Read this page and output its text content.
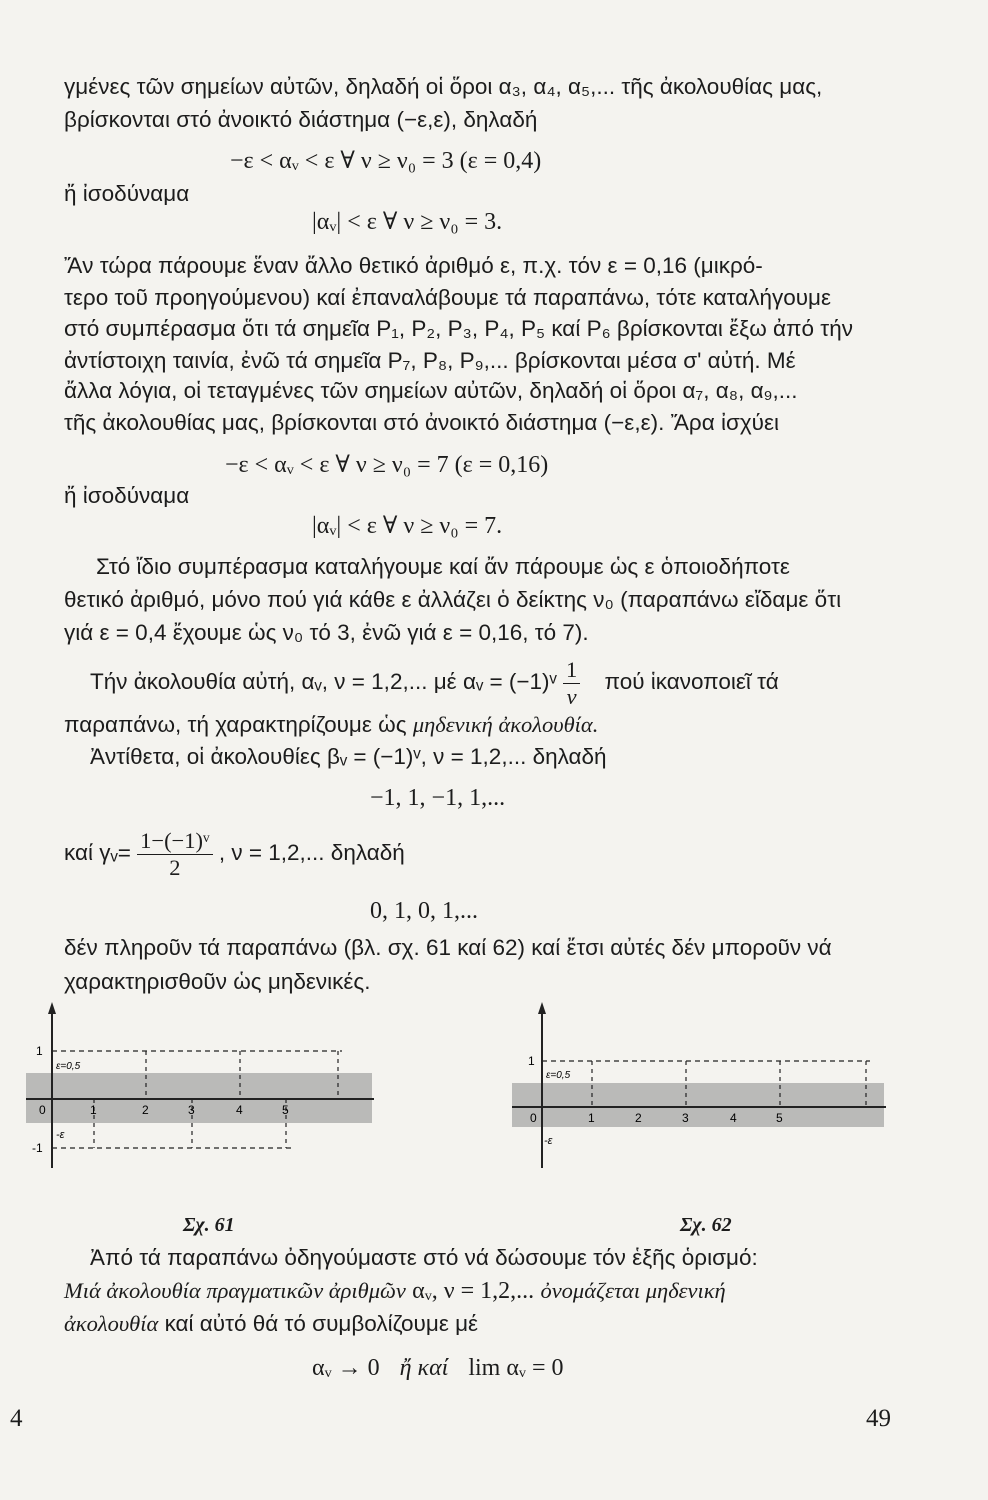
γμένες τῶν σημείων αὐτῶν, δηλαδή οἱ ὅροι α₃, α₄, α₅,... τῆς ἀκολουθίας μας,
βρίσκονται στό ἀνοικτό διάστημα (−ε,ε), δηλαδή
−ε < αᵥ < ε ∀ ν ≥ ν₀ = 3 (ε = 0,4)
ἤ ἰσοδύναμα
|αᵥ| < ε ∀ ν ≥ ν₀ = 3.
Ἄν τώρα πάρουμε ἕναν ἄλλο θετικό ἀριθμό ε, π.χ. τόν ε = 0,16 (μικρό-
τερο τοῦ προηγούμενου) καί ἐπαναλάβουμε τά παραπάνω, τότε καταλήγουμε
στό συμπέρασμα ὅτι τά σημεῖα P₁, P₂, P₃, P₄, P₅ καί P₆ βρίσκονται ἔξω ἀπό τήν
ἀντίστοιχη ταινία, ἐνῶ τά σημεῖα P₇, P₈, P₉,... βρίσκονται μέσα σ' αὐτή. Μέ
ἄλλα λόγια, οἱ τεταγμένες τῶν σημείων αὐτῶν, δηλαδή οἱ ὅροι α₇, α₈, α₉,...
τῆς ἀκολουθίας μας, βρίσκονται στό ἀνοικτό διάστημα (−ε,ε). Ἄρα ἰσχύει
−ε < αᵥ < ε ∀ ν ≥ ν₀ = 7 (ε = 0,16)
ἤ ἰσοδύναμα
|αᵥ| < ε ∀ ν ≥ ν₀ = 7.
Στό ἴδιο συμπέρασμα καταλήγουμε καί ἄν πάρουμε ὡς ε ὁποιοδήποτε
θετικό ἀριθμό, μόνο πού γιά κάθε ε ἀλλάζει ὁ δείκτης ν₀ (παραπάνω εἴδαμε ὅτι
γιά ε = 0,4 ἔχουμε ὡς ν₀ τό 3, ἐνῶ γιά ε = 0,16, τό 7).
Τήν ἀκολουθία αὐτή, αᵥ, ν = 1,2,... μέ αᵥ = (−1)ᵛ $\frac{1}{\nu}$ πού ἱκανοποιεῖ τά
παραπάνω, τή χαρακτηρίζουμε ὡς μηδενική ἀκολουθία.
Ἀντίθετα, οἱ ἀκολουθίες βᵥ = (−1)ᵛ, ν = 1,2,... δηλαδή
−1, 1, −1, 1,...
καί γᵥ= $\frac{\text{1−(−1)ᵛ}}{2}$ , ν = 1,2,... δηλαδή
0, 1, 0, 1,...
δέν πληροῦν τά παραπάνω (βλ. σχ. 61 καί 62) καί ἔτσι αὐτές δέν μποροῦν νά
χαρακτηρισθοῦν ὡς μηδενικές.
1
-1
0
ε=0,5
-ε
1	2	3	4	5
Σχ. 61
1
0
ε=0,5
-ε
1	2	3	4	5
Σχ. 62
Ἀπό τά παραπάνω ὀδηγούμαστε στό νά δώσουμε τόν ἑξῆς ὁρισμό:
Μιά ἀκολουθία πραγματικῶν ἀριθμῶν αᵥ, ν = 1,2,... ὀνομάζεται μηδενική
ἀκολουθία καί αὐτό θά τό συμβολίζουμε μέ
αᵥ → 0 ἤ καί lim αᵥ = 0
4	49
